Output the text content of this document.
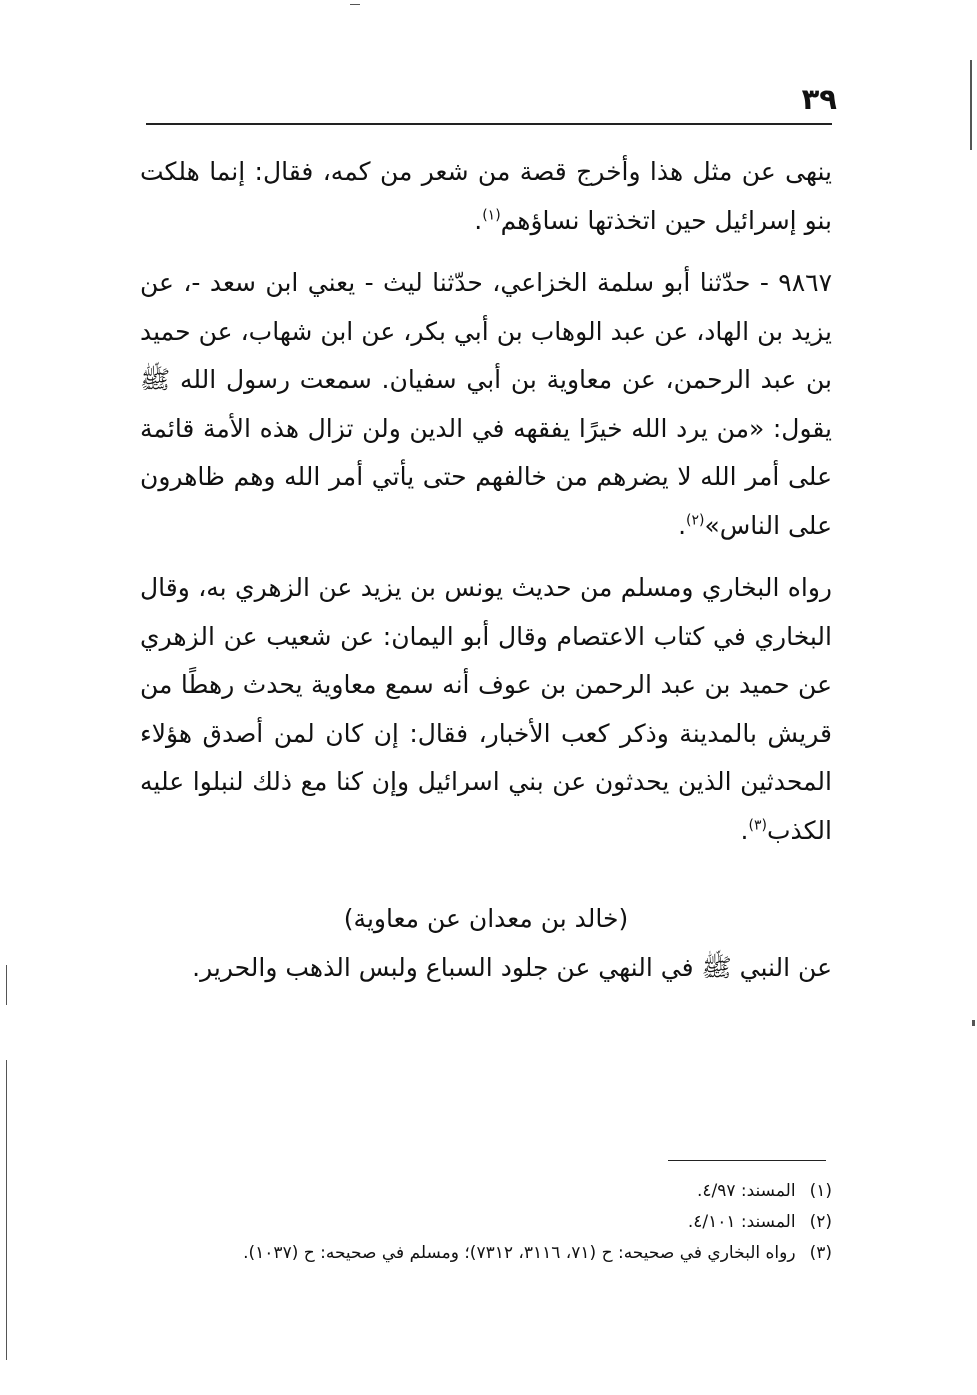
٣٩

ينهى عن مثل هذا وأخرج قصة من شعر من كمه، فقال: إنما هلكت بنو إسرائيل حين اتخذتها نساؤهم$^{(١)}$.

٩٨٦٧ - حدّثنا أبو سلمة الخزاعي، حدّثنا ليث - يعني ابن سعد -، عن يزيد بن الهاد، عن عبد الوهاب بن أبي بكر، عن ابن شهاب، عن حميد بن عبد الرحمن، عن معاوية بن أبي سفيان. سمعت رسول الله ﷺ يقول: «من يرد الله خيرًا يفقهه في الدين ولن تزال هذه الأمة قائمة على أمر الله لا يضرهم من خالفهم حتى يأتي أمر الله وهم ظاهرون على الناس»$^{(٢)}$.

رواه البخاري ومسلم من حديث يونس بن يزيد عن الزهري به، وقال البخاري في كتاب الاعتصام وقال أبو اليمان: عن شعيب عن الزهري عن حميد بن عبد الرحمن بن عوف أنه سمع معاوية يحدث رهطًا من قريش بالمدينة وذكر كعب الأخبار، فقال: إن كان لمن أصدق هؤلاء المحدثين الذين يحدثون عن بني اسرائيل وإن كنا مع ذلك لنبلوا عليه الكذب$^{(٣)}$.

(خالد بن معدان عن معاوية)

عن النبي ﷺ في النهي عن جلود السباع ولبس الذهب والحرير.

(١)المسند: ٤/٩٧.

(٢)المسند: ٤/١٠١.

(٣)رواه البخاري في صحيحه: ح (٧١، ٣١١٦، ٧٣١٢)؛ ومسلم في صحيحه: ح (١٠٣٧).
